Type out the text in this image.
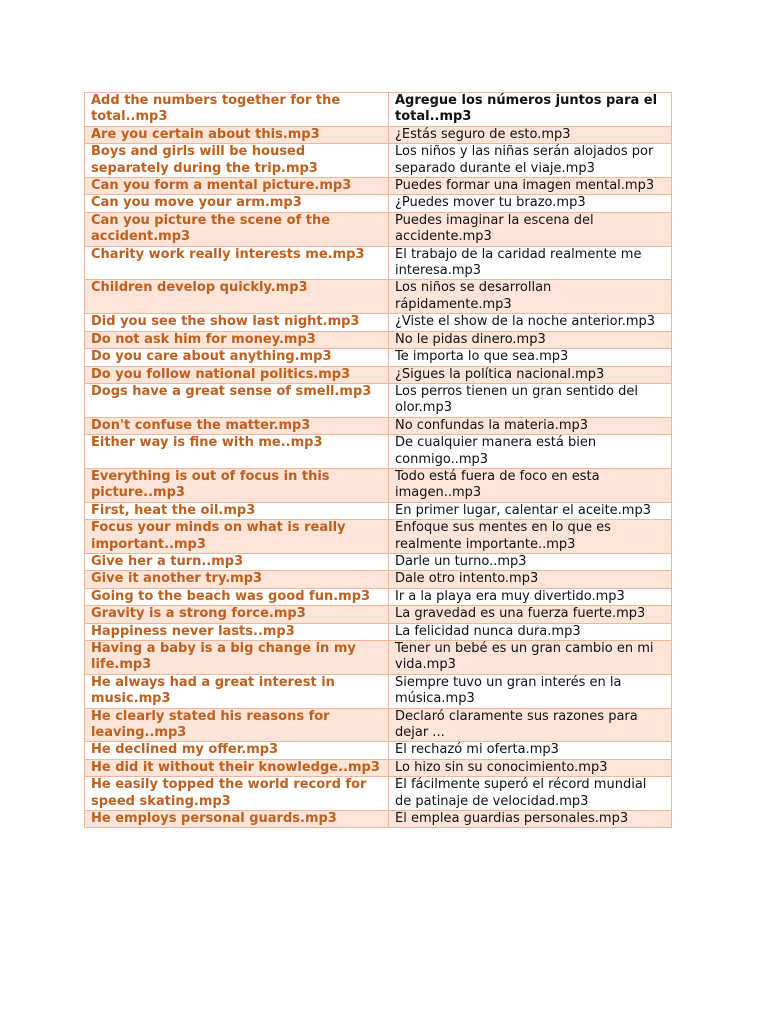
Add the numbers together for the total..mp3	Agregue los números juntos para el total..mp3
Are you certain about this.mp3	¿Estás seguro de esto.mp3
Boys and girls will be housed separately during the trip.mp3	Los niños y las niñas serán alojados por separado durante el viaje.mp3
Can you form a mental picture.mp3	Puedes formar una imagen mental.mp3
Can you move your arm.mp3	¿Puedes mover tu brazo.mp3
Can you picture the scene of the accident.mp3	Puedes imaginar la escena del accidente.mp3
Charity work really interests me.mp3	El trabajo de la caridad realmente me interesa.mp3
Children develop quickly.mp3	Los niños se desarrollan rápidamente.mp3
Did you see the show last night.mp3	¿Viste el show de la noche anterior.mp3
Do not ask him for money.mp3	No le pidas dinero.mp3
Do you care about anything.mp3	Te importa lo que sea.mp3
Do you follow national politics.mp3	¿Sigues la política nacional.mp3
Dogs have a great sense of smell.mp3	Los perros tienen un gran sentido del olor.mp3
Don't confuse the matter.mp3	No confundas la materia.mp3
Either way is fine with me..mp3	De cualquier manera está bien conmigo..mp3
Everything is out of focus in this picture..mp3	Todo está fuera de foco en esta imagen..mp3
First, heat the oil.mp3	En primer lugar, calentar el aceite.mp3
Focus your minds on what is really important..mp3	Enfoque sus mentes en lo que es realmente importante..mp3
Give her a turn..mp3	Darle un turno..mp3
Give it another try.mp3	Dale otro intento.mp3
Going to the beach was good fun.mp3	Ir a la playa era muy divertido.mp3
Gravity is a strong force.mp3	La gravedad es una fuerza fuerte.mp3
Happiness never lasts..mp3	La felicidad nunca dura.mp3
Having a baby is a big change in my life.mp3	Tener un bebé es un gran cambio en mi vida.mp3
He always had a great interest in music.mp3	Siempre tuvo un gran interés en la música.mp3
He clearly stated his reasons for leaving..mp3	Declaró claramente sus razones para dejar ...
He declined my offer.mp3	Él rechazó mi oferta.mp3
He did it without their knowledge..mp3	Lo hizo sin su conocimiento.mp3
He easily topped the world record for speed skating.mp3	Él fácilmente superó el récord mundial de patinaje de velocidad.mp3
He employs personal guards.mp3	Él emplea guardias personales.mp3
